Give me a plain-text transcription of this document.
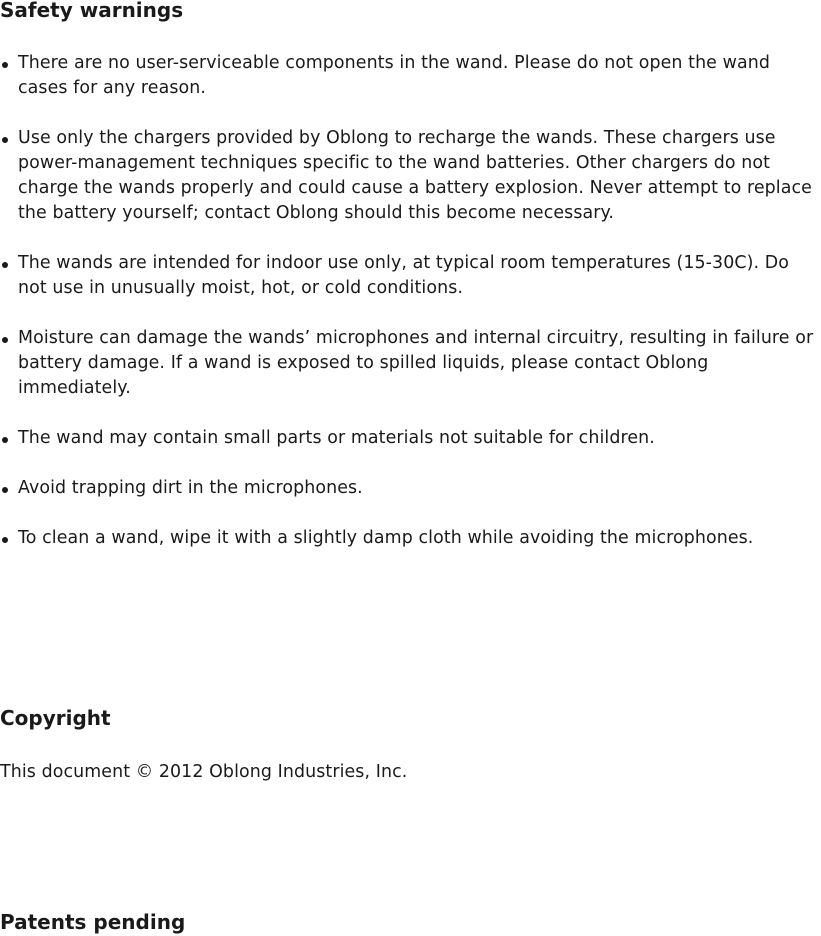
Safety warnings
There are no user-serviceable components in the wand. Please do not open the wand cases for any reason.
Use only the chargers provided by Oblong to recharge the wands. These chargers use power-management techniques specific to the wand batteries. Other chargers do not charge the wands properly and could cause a battery explosion. Never attempt to replace the battery yourself; contact Oblong should this become necessary.
The wands are intended for indoor use only, at typical room temperatures (15-30C). Do not use in unusually moist, hot, or cold conditions.
Moisture can damage the wands’ microphones and internal circuitry, resulting in failure or battery damage. If a wand is exposed to spilled liquids, please contact Oblong immediately.
The wand may contain small parts or materials not suitable for children.
Avoid trapping dirt in the microphones.
To clean a wand, wipe it with a slightly damp cloth while avoiding the microphones.
Copyright

This document © 2012 Oblong Industries, Inc.

Patents pending
